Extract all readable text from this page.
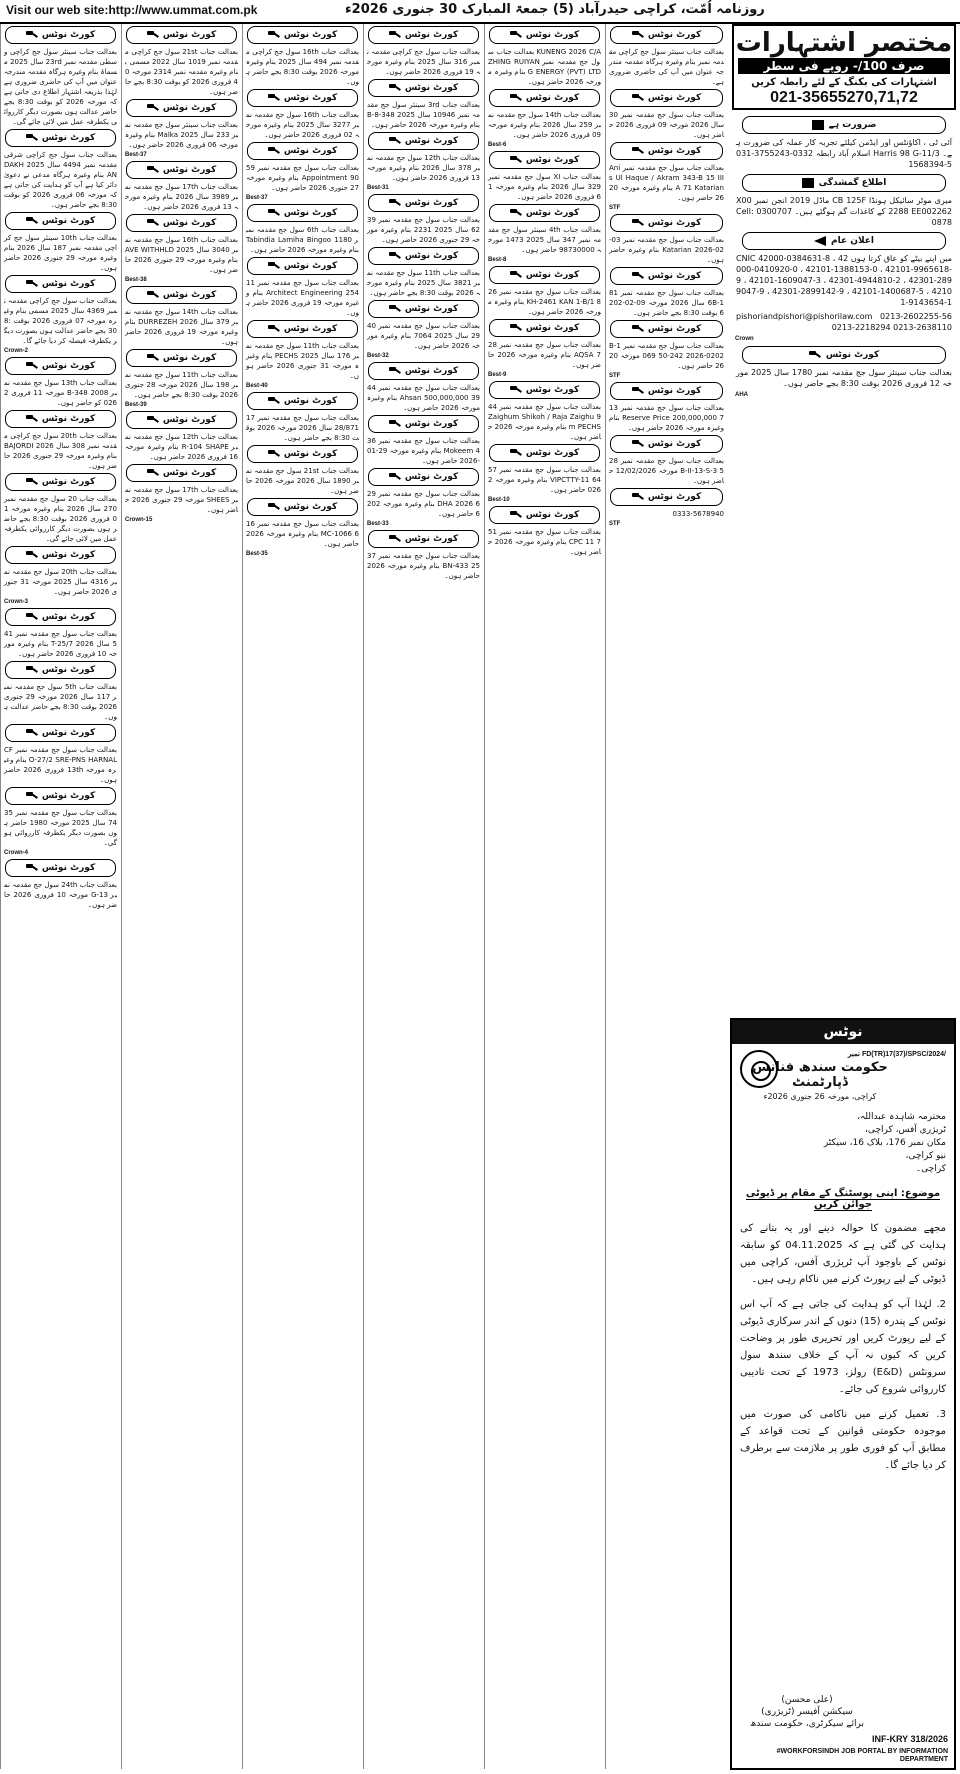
Visit our web site:http://www.ummat.com.pk	روزنامہ اُمّت، کراچی حیدرآباد (5) جمعۃ المبارک 30 جنوری 2026ء
کورٹ نوٹس

بعدالت جناب سینئر سول جج کراچی وسطی مقدمہ نمبر 23rd سال 2025 مسماۃ بنام وغیرہ ہرگاہ مقدمہ مندرجہ عنوان میں آپ کی حاضری ضروری ہے لہٰذا بذریعہ اشتہار اطلاع دی جاتی ہے کہ مورخہ 2026 کو بوقت 8:30 بجے حاضر عدالت ہوں بصورت دیگر کارروائی یکطرفہ عمل میں لائی جائے گی۔

کورٹ نوٹس

بعدالت جناب سول جج کراچی شرقی مقدمہ نمبر 4494 سال 2025 DAKHAN بنام وغیرہ ہرگاہ مدعی نے دعویٰ دائر کیا ہے آپ کو ہدایت کی جاتی ہے کہ مورخہ 06 فروری 2026 کو بوقت 8:30 بجے حاضر ہوں۔

کورٹ نوٹس

بعدالت جناب 10th سینئر سول جج کراچی مقدمہ نمبر 187 سال 2026 بنام وغیرہ مورخہ 29 جنوری 2026 حاضر ہوں۔

کورٹ نوٹس

بعدالت جناب سول جج کراچی مقدمہ نمبر 4369 سال 2025 مسمی بنام وغیرہ مورخہ 07 فروری 2026 بوقت 8:30 بجے حاضر عدالت ہوں بصورت دیگر یکطرفہ فیصلہ کر دیا جائے گا۔

Crown-2
کورٹ نوٹس

بعدالت جناب 13th سول جج مقدمہ نمبر 2008 B-348 مورخہ 11 فروری 2026 کو حاضر ہوں۔

کورٹ نوٹس

بعدالت جناب 20th سول جج کراچی مقدمہ نمبر 308 سال 2026 BAJORDI بنام وغیرہ مورخہ 29 جنوری 2026 حاضر ہوں۔

کورٹ نوٹس

بعدالت جناب 20 سول جج مقدمہ نمبر 270 سال 2026 بنام وغیرہ مورخہ 10 فروری 2026 بوقت 8:30 بجے حاضر ہوں بصورت دیگر کارروائی یکطرفہ عمل میں لائی جائے گی۔

کورٹ نوٹس

بعدالت جناب 20th سول جج مقدمہ نمبر 4316 سال 2025 مورخہ 31 جنوری 2026 حاضر ہوں۔

Crown-3
کورٹ نوٹس

بعدالت جناب سول جج مقدمہ نمبر 415 سال 2026 T-25/7 بنام وغیرہ مورخہ 10 فروری 2026 حاضر ہوں۔

کورٹ نوٹس

بعدالت جناب 5th سول جج مقدمہ نمبر 117 سال 2026 مورخہ 29 جنوری 2026 بوقت 8:30 بجے حاضر عدالت ہوں۔

کورٹ نوٹس

بعدالت جناب سول جج مقدمہ نمبر CFO-27/2 SRE-PNS HARNAL بنام وغیرہ مورخہ 13th فروری 2026 حاضر ہوں۔

کورٹ نوٹس

بعدالت جناب سول جج مقدمہ نمبر 3574 سال 2025 مورخہ 1980 حاضر ہوں بصورت دیگر یکطرفہ کارروائی ہوگی۔

Crown-4
کورٹ نوٹس

بعدالت جناب 24th سول جج مقدمہ نمبر G-13 مورخہ 10 فروری 2026 حاضر ہوں۔

کورٹ نوٹس

بعدالت جناب 21st سول جج کراچی مقدمہ نمبر 1019 سال 2022 مسمی بنام وغیرہ مقدمہ نمبر 2314 مورخہ 04 فروری 2026 کو بوقت 8:30 بجے حاضر ہوں۔

کورٹ نوٹس

بعدالت جناب سینئر سول جج مقدمہ نمبر 233 سال 2025 Malka بنام وغیرہ مورخہ 06 فروری 2026 حاضر ہوں۔

Best-37
کورٹ نوٹس

بعدالت جناب 17th سول جج مقدمہ نمبر 3989 سال 2026 بنام وغیرہ مورخہ 13 فروری 2026 حاضر ہوں۔

کورٹ نوٹس

بعدالت جناب 16th سول جج مقدمہ نمبر 3040 سال 2025 AVE WITHHLD بنام وغیرہ مورخہ 29 جنوری 2026 حاضر ہوں۔

Best-38
کورٹ نوٹس

بعدالت جناب 14th سول جج مقدمہ نمبر 379 سال 2026 DURREZEH بنام وغیرہ مورخہ 19 فروری 2026 حاضر ہوں۔

کورٹ نوٹس

بعدالت جناب 11th سول جج مقدمہ نمبر 198 سال 2026 مورخہ 28 جنوری 2026 بوقت 8:30 بجے حاضر ہوں۔

Best-39
کورٹ نوٹس

بعدالت جناب 12th سول جج مقدمہ نمبر R-104 SHAPE بنام وغیرہ مورخہ 16 فروری 2026 حاضر ہوں۔

کورٹ نوٹس

بعدالت جناب 17th سول جج مقدمہ نمبر SHEES مورخہ 29 جنوری 2026 حاضر ہوں۔

Crown-15
کورٹ نوٹس

بعدالت جناب 16th سول جج کراچی مقدمہ نمبر 494 سال 2025 بنام وغیرہ مورخہ 2026 بوقت 8:30 بجے حاضر ہوں۔

کورٹ نوٹس

بعدالت جناب 16th سول جج مقدمہ نمبر 3277 سال 2025 بنام وغیرہ مورخہ 02 فروری 2026 حاضر ہوں۔

کورٹ نوٹس

بعدالت جناب سول جج مقدمہ نمبر 5990 Appointment بنام وغیرہ مورخہ 27 جنوری 2026 حاضر ہوں۔

Best-37
کورٹ نوٹس

بعدالت جناب 6th سول جج مقدمہ نمبر 1180 Tabindia Lamiha Bingoo بنام وغیرہ مورخہ 2026 حاضر ہوں۔

کورٹ نوٹس

بعدالت جناب سول جج مقدمہ نمبر 11254 Architect Engineering بنام وغیرہ مورخہ 19 فروری 2026 حاضر ہوں۔

کورٹ نوٹس

بعدالت جناب 11th سول جج مقدمہ نمبر 176 سال 2025 PECHS بنام وغیرہ مورخہ 31 جنوری 2026 حاضر ہوں۔

Best-40
کورٹ نوٹس

بعدالت جناب سول جج مقدمہ نمبر 1728/871 سال 2026 مورخہ 2026 بوقت 8:30 بجے حاضر ہوں۔

کورٹ نوٹس

بعدالت جناب 21st سول جج مقدمہ نمبر 1890 سال 2026 مورخہ 2026 حاضر ہوں۔

کورٹ نوٹس

بعدالت جناب سول جج مقدمہ نمبر 166 MC-1066 بنام وغیرہ مورخہ 2026 حاضر ہوں۔

Best-35
کورٹ نوٹس

بعدالت جناب سول جج کراچی مقدمہ نمبر 316 سال 2025 بنام وغیرہ مورخہ 19 فروری 2026 حاضر ہوں۔

کورٹ نوٹس

بعدالت جناب 3rd سینئر سول جج مقدمہ نمبر 10946 سال 2025 B-8-348 بنام وغیرہ مورخہ 2026 حاضر ہوں۔

کورٹ نوٹس

بعدالت جناب 12th سول جج مقدمہ نمبر 378 سال 2026 بنام وغیرہ مورخہ 13 فروری 2026 حاضر ہوں۔

Best-31
کورٹ نوٹس

بعدالت جناب سول جج مقدمہ نمبر 3962 سال 2025 2231 بنام وغیرہ مورخہ 29 جنوری 2026 حاضر ہوں۔

کورٹ نوٹس

بعدالت جناب 11th سول جج مقدمہ نمبر 3821 سال 2025 بنام وغیرہ مورخہ 2026 بوقت 8:30 بجے حاضر ہوں۔

کورٹ نوٹس

بعدالت جناب سول جج مقدمہ نمبر 4029 سال 2025 7064 بنام وغیرہ مورخہ 2026 حاضر ہوں۔

Best-32
کورٹ نوٹس

بعدالت جناب سول جج مقدمہ نمبر 4439 Ahsan 500,000,000 بنام وغیرہ مورخہ 2026 حاضر ہوں۔

کورٹ نوٹس

بعدالت جناب سول جج مقدمہ نمبر 364 Mokeem بنام وغیرہ مورخہ 29-01-2026 حاضر ہوں۔

کورٹ نوٹس

بعدالت جناب سول جج مقدمہ نمبر 296 DHA 2026 بنام وغیرہ مورخہ 2026 حاضر ہوں۔

Best-33
کورٹ نوٹس

بعدالت جناب سول جج مقدمہ نمبر 3725 BN-433 بنام وغیرہ مورخہ 2026 حاضر ہوں۔

کورٹ نوٹس

KUNENG 2026 C/A بعدالت جناب سول جج مقدمہ نمبر ZHING RUIYANG ENERGY (PVT) LTD بنام وغیرہ مورخہ 2026 حاضر ہوں۔

کورٹ نوٹس

بعدالت جناب 14th سول جج مقدمہ نمبر 259 سال 2026 بنام وغیرہ مورخہ 09 فروری 2026 حاضر ہوں۔

Best-6
کورٹ نوٹس

بعدالت جناب XI سول جج مقدمہ نمبر 329 سال 2026 بنام وغیرہ مورخہ 16 فروری 2026 حاضر ہوں۔

کورٹ نوٹس

بعدالت جناب 4th سینئر سول جج مقدمہ نمبر 347 سال 2025 1473 مورخہ 98730000 حاضر ہوں۔

Best-8
کورٹ نوٹس

بعدالت جناب سول جج مقدمہ نمبر 268 KH-2461 KAN 1-B/1 بنام وغیرہ مورخہ 2026 حاضر ہوں۔

کورٹ نوٹس

بعدالت جناب سول جج مقدمہ نمبر 287 AQSA بنام وغیرہ مورخہ 2026 حاضر ہوں۔

Best-9
کورٹ نوٹس

بعدالت جناب سول جج مقدمہ نمبر 449 Zaighum Shikoh / Raja Zaighum PECHS بنام وغیرہ مورخہ 2026 حاضر ہوں۔

کورٹ نوٹس

بعدالت جناب سول جج مقدمہ نمبر 5764 VIPCTTY-11 بنام وغیرہ مورخہ 2026 حاضر ہوں۔

Best-10
کورٹ نوٹس

بعدالت جناب سول جج مقدمہ نمبر 517 CPC 11 بنام وغیرہ مورخہ 2026 حاضر ہوں۔

کورٹ نوٹس

بعدالت جناب سینئر سول جج کراچی مقدمہ نمبر بنام وغیرہ ہرگاہ مقدمہ مندرجہ عنوان میں آپ کی حاضری ضروری ہے۔

کورٹ نوٹس

بعدالت جناب سول جج مقدمہ نمبر 30 سال 2026 مورخہ 09 فروری 2026 حاضر ہوں۔

کورٹ نوٹس

بعدالت جناب سول جج مقدمہ نمبر Anis Ul Haque / Akram 343-B 15 III A 71 Katarian بنام وغیرہ مورخہ 2026 حاضر ہوں۔

STF
کورٹ نوٹس

بعدالت جناب سول جج مقدمہ نمبر 03-02-2026 Katarian بنام وغیرہ حاضر ہوں۔

کورٹ نوٹس

بعدالت جناب سول جج مقدمہ نمبر 816B-1 سال 2026 مورخہ 09-02-2026 بوقت 8:30 بجے حاضر ہوں۔

کورٹ نوٹس

بعدالت جناب سول جج مقدمہ نمبر B-1069 50-242 2026-0202 مورخہ 2026 حاضر ہوں۔

STF
کورٹ نوٹس

بعدالت جناب سول جج مقدمہ نمبر 137 Reserve Price 200,000,000 بنام وغیرہ مورخہ 2026 حاضر ہوں۔

کورٹ نوٹس

بعدالت جناب سول جج مقدمہ نمبر 285 B-II-13-S-3 مورخہ 12/02/2026 حاضر ہوں۔

کورٹ نوٹس

0333-5678940

STF
مختصر اشتہارات
صرف 100/- روپے فی سطر
اشتہارات کی بکنگ کے لئے رابطہ کریں
021-35655270,71,72
ضرورت ہے

آئی ٹی ، اکاؤنٹس اور ایڈمن کیلئے تجربہ کار عملہ کی ضرورت ہے۔ Harris 98 G-11/3 اسلام آباد رابطہ 0332-3755243-0315-1568394

اطلاع گمشدگی

میری موٹر سائیکل ہونڈا CB 125F ماڈل 2019 انجن نمبر X002288 EE002262 کے کاغذات گم ہوگئے ہیں۔ Cell: 03007070878

اعلان عام

میں اپنے بیٹے کو عاق کرتا ہوں CNIC 42000-0384631-8 ، 42000-0410920-0 ، 42101-1388153-0 ، 42101-9965618-9 ، 42101-1609047-3 ، 42301-4944810-2 ، 42301-2899047-9 ، 42301-2899142-9 ، 42101-1400687-5 ، 42101-9143654-1

pishoriandpishori@pishorilaw.com 0213-2602255-56 0213-2218294 0213-2638110

Crown
کورٹ نوٹس

بعدالت جناب سینئر سول جج مقدمہ نمبر 1780 سال 2025 مورخہ 12 فروری 2026 بوقت 8:30 بجے حاضر ہوں۔

AHA
نوٹس
نمبر FD(TR)17(37)/SPSC/2024/
حکومت سندھ فنانس ڈپارٹمنٹ
کراچی، مورخہ 26 جنوری 2026ء

محترمہ شاہدہ عبداللہ،

ٹریژری آفس، کراچی،

مکان نمبر 176، بلاک 16، سیکٹر

نیو کراچی،

کراچی۔

موضوع: اپنی پوسٹنگ کے مقام پر ڈیوٹی جوائن کریں

مجھے مضمون کا حوالہ دینے اور یہ بتانے کی ہدایت کی گئی ہے کہ 04.11.2025 کو سابقہ نوٹس کے باوجود آپ ٹریژری آفس، کراچی میں ڈیوٹی کے لیے رپورٹ کرنے میں ناکام رہی ہیں۔

2. لہٰذا آپ کو ہدایت کی جاتی ہے کہ آپ اس نوٹس کے پندرہ (15) دنوں کے اندر سرکاری ڈیوٹی کے لیے رپورٹ کریں اور تحریری طور پر وضاحت کریں کہ کیوں نہ آپ کے خلاف سندھ سول سرونٹس (E&D) رولز، 1973 کے تحت تادیبی کارروائی شروع کی جائے۔

3. تعمیل کرنے میں ناکامی کی صورت میں موجودہ حکومتی قوانین کے تحت قواعد کے مطابق آپ کو فوری طور پر ملازمت سے برطرف کر دیا جائے گا۔

(علی محسن)
سیکشن آفیسر (ٹریژری)
برائے سیکرٹری، حکومت سندھ
INF-KRY 318/2026
#WORKFORSINDH JOB PORTAL BY INFORMATION DEPARTMENT
